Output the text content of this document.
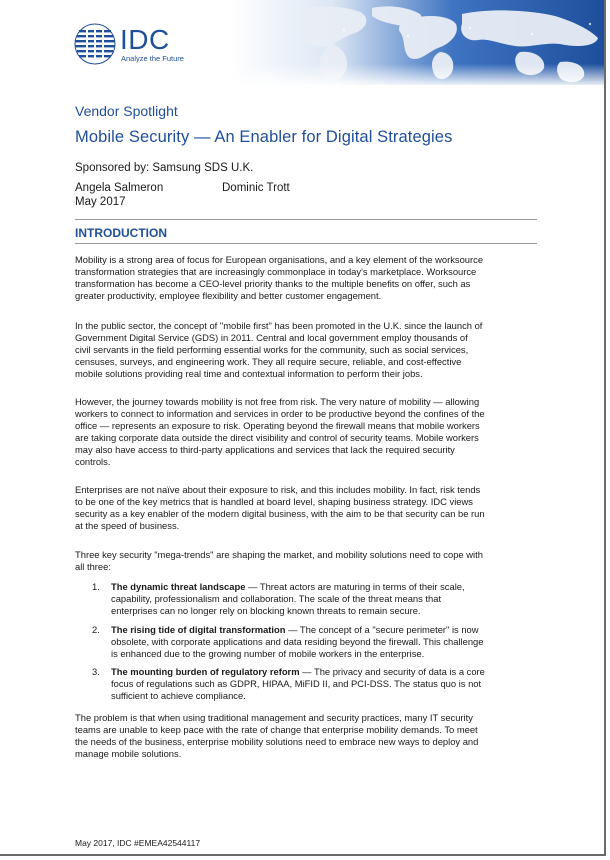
IDC
Analyze the Future
Vendor Spotlight
Mobile Security — An Enabler for Digital Strategies
Sponsored by: Samsung SDS U.K.
Angela Salmeron	Dominic Trott
May 2017
INTRODUCTION
Mobility is a strong area of focus for European organisations, and a key element of the worksource
transformation strategies that are increasingly commonplace in today's marketplace. Worksource
transformation has become a CEO-level priority thanks to the multiple benefits on offer, such as
greater productivity, employee flexibility and better customer engagement.
In the public sector, the concept of "mobile first" has been promoted in the U.K. since the launch of
Government Digital Service (GDS) in 2011. Central and local government employ thousands of
civil servants in the field performing essential works for the community, such as social services,
censuses, surveys, and engineering work. They all require secure, reliable, and cost-effective
mobile solutions providing real time and contextual information to perform their jobs.
However, the journey towards mobility is not free from risk. The very nature of mobility — allowing
workers to connect to information and services in order to be productive beyond the confines of the
office — represents an exposure to risk. Operating beyond the firewall means that mobile workers
are taking corporate data outside the direct visibility and control of security teams. Mobile workers
may also have access to third-party applications and services that lack the required security
controls.
Enterprises are not naïve about their exposure to risk, and this includes mobility. In fact, risk tends
to be one of the key metrics that is handled at board level, shaping business strategy. IDC views
security as a key enabler of the modern digital business, with the aim to be that security can be run
at the speed of business.
Three key security "mega-trends" are shaping the market, and mobility solutions need to cope with
all three:
1. The dynamic threat landscape — Threat actors are maturing in terms of their scale,
capability, professionalism and collaboration. The scale of the threat means that
enterprises can no longer rely on blocking known threats to remain secure.
2. The rising tide of digital transformation — The concept of a "secure perimeter" is now
obsolete, with corporate applications and data residing beyond the firewall. This challenge
is enhanced due to the growing number of mobile workers in the enterprise.
3. The mounting burden of regulatory reform — The privacy and security of data is a core
focus of regulations such as GDPR, HIPAA, MiFID II, and PCI-DSS. The status quo is not
sufficient to achieve compliance.
The problem is that when using traditional management and security practices, many IT security
teams are unable to keep pace with the rate of change that enterprise mobility demands. To meet
the needs of the business, enterprise mobility solutions need to embrace new ways to deploy and
manage mobile solutions.
May 2017, IDC #EMEA42544117
